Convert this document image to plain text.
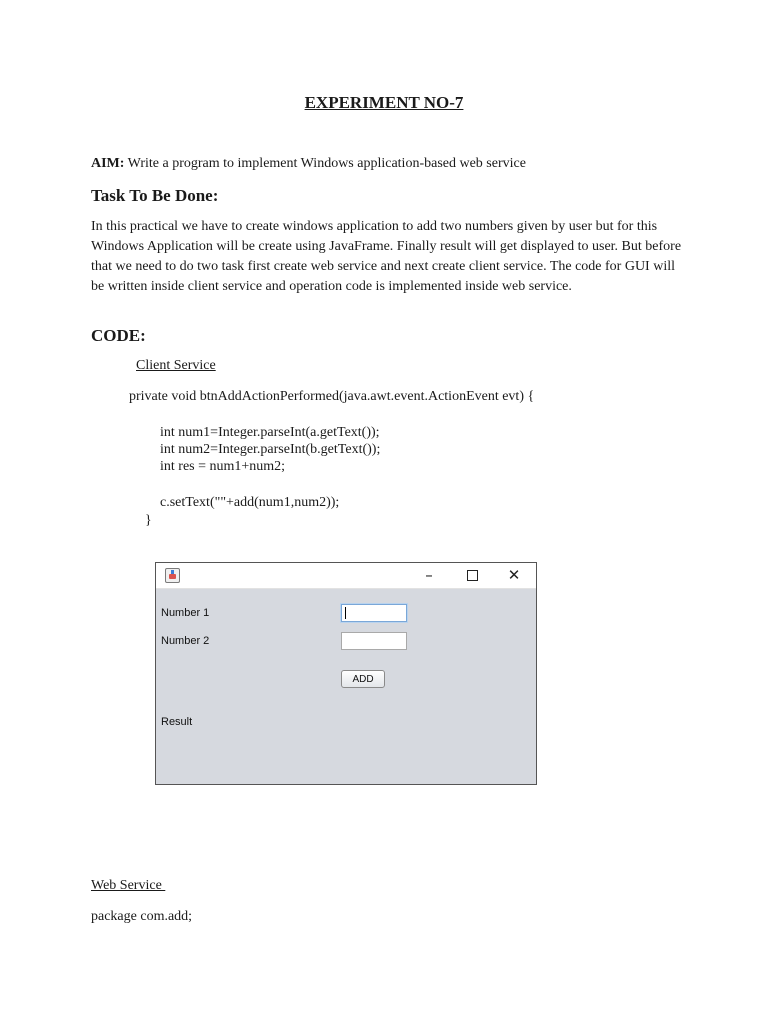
EXPERIMENT NO-7
AIM: Write a program to implement Windows application-based web service
Task To Be Done:
In this practical we have to create windows application to add two numbers given by user but for this Windows Application will be create using JavaFrame. Finally result will get displayed to user. But before that we need to do two task first create web service and next create client service. The code for GUI will be written inside client service and operation code is implemented inside web service.
CODE:
Client Service
private void btnAddActionPerformed(java.awt.event.ActionEvent evt) {
int num1=Integer.parseInt(a.getText());
int num2=Integer.parseInt(b.getText());
int res = num1+num2;
c.setText(""+add(num1,num2));
}
–	✕
Number 1
Number 2
ADD
Result
Web Service
package com.add;
